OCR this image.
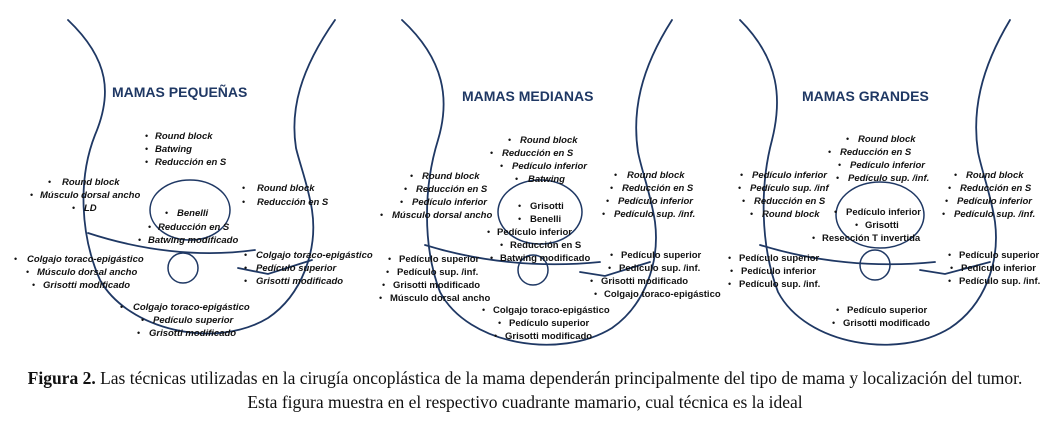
MAMAS PEQUEÑAS
• Round block
• Batwing
• Reducción en S
• Round block
• Músculo dorsal ancho
• LD
• Round block
• Reducción en S
• Benelli
• Reducción en S
• Batwing modificado
• Colgajo toraco-epigástico
• Músculo dorsal ancho
• Grisotti modificado
• Colgajo toraco-epigástico
• Pedículo superior
• Grisotti modificado
• Colgajo toraco-epigástico
• Pedículo superior
• Grisotti modificado
MAMAS MEDIANAS
• Round block
• Reducción en S
• Pedículo inferior
• Batwing
• Round block
• Reducción en S
• Pedículo inferior
• Músculo dorsal ancho
• Round block
• Reducción en S
• Pedículo inferior
• Pedículo sup. /inf.
• Grisotti
• Benelli
• Pedículo inferior
• Reducción en S
• Batwing modificado
• Pedículo superior
• Pedículo sup. /inf.
• Grisotti modificado
• Músculo dorsal ancho
• Pedículo superior
• Pedículo sup. /inf.
• Grisotti modificado
• Colgajo toraco-epigástico
• Colgajo toraco-epigástico
• Pedículo superior
• Grisotti modificado
MAMAS GRANDES
• Round block
• Reducción en S
• Pedículo inferior
• Pedículo sup. /inf.
• Pedículo inferior
• Pedículo sup. /inf
• Reducción en S
• Round block
• Round block
• Reducción en S
• Pedículo inferior
• Pedículo sup. /inf.
• Pedículo inferior
• Grisotti
• Resección T invertida
• Pedículo superior
• Pedículo inferior
• Pedículo sup. /inf.
• Pedículo superior
• Pedículo inferior
• Pedículo sup. /inf.
• Pedículo superior
• Grisotti modificado
Figura 2. Las técnicas utilizadas en la cirugía oncoplástica de la mama dependerán principalmente del tipo de mama y localización del tumor. Esta figura muestra en el respectivo cuadrante mamario, cual técnica es la ideal
